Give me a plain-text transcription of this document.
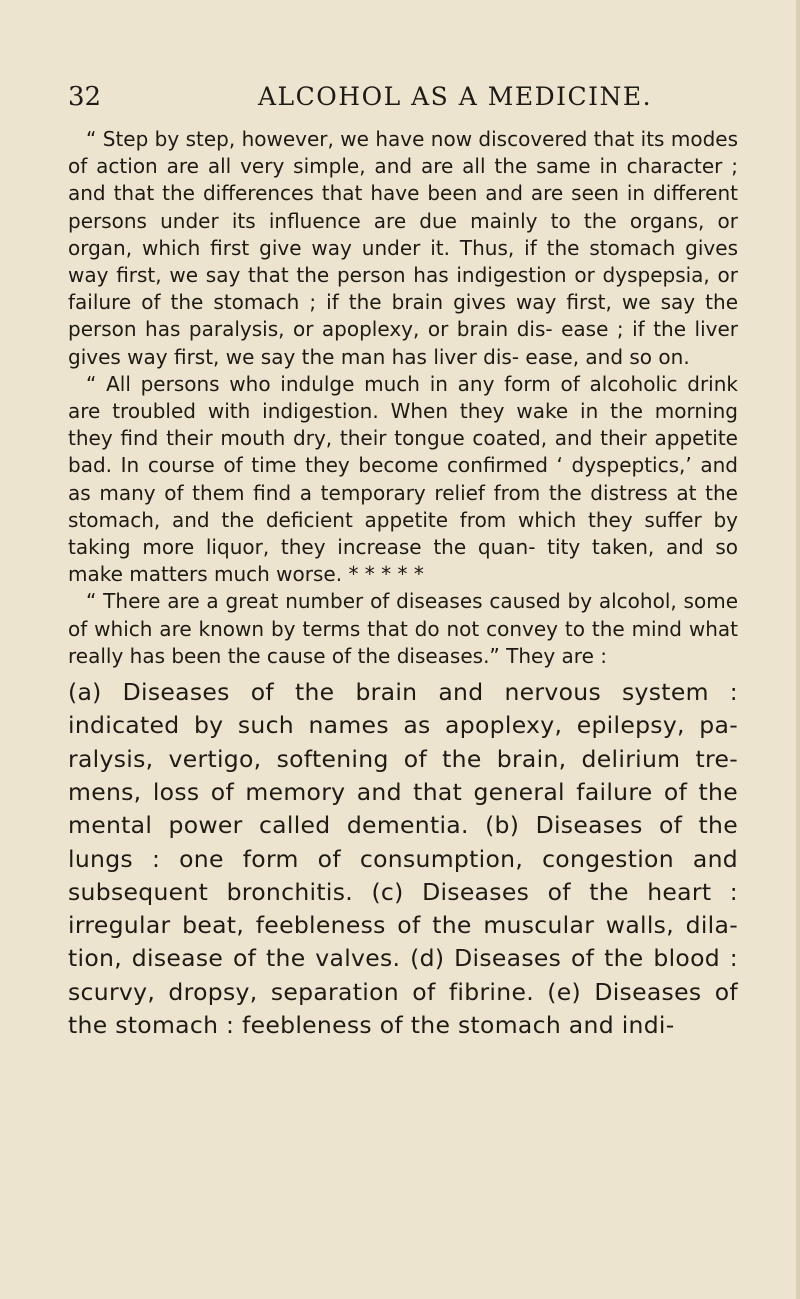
32	ALCOHOL AS A MEDICINE.

“ Step by step, however, we have now discovered that its modes of action are all very simple, and are all the same in character ; and that the differences that have been and are seen in different persons under its influence are due mainly to the organs, or organ, which first give way under it. Thus, if the stomach gives way first, we say that the person has indigestion or dyspepsia, or failure of the stomach ; if the brain gives way first, we say the person has paralysis, or apoplexy, or brain dis- ease ; if the liver gives way first, we say the man has liver dis- ease, and so on.

“ All persons who indulge much in any form of alcoholic drink are troubled with indigestion. When they wake in the morning they find their mouth dry, their tongue coated, and their appetite bad. In course of time they become confirmed ‘ dyspeptics,’ and as many of them find a temporary relief from the distress at the stomach, and the deficient appetite from which they suffer by taking more liquor, they increase the quan- tity taken, and so make matters much worse. * * * * *

“ There are a great number of diseases caused by alcohol, some of which are known by terms that do not convey to the mind what really has been the cause of the diseases.” They are :

(a) Diseases of the brain and nervous system : indicated by such names as apoplexy, epilepsy, pa- ralysis, vertigo, softening of the brain, delirium tre- mens, loss of memory and that general failure of the mental power called dementia. (b) Diseases of the lungs : one form of consumption, congestion and subsequent bronchitis. (c) Diseases of the heart : irregular beat, feebleness of the muscular walls, dila- tion, disease of the valves. (d) Diseases of the blood : scurvy, dropsy, separation of fibrine. (e) Diseases of the stomach : feebleness of the stomach and indi-
